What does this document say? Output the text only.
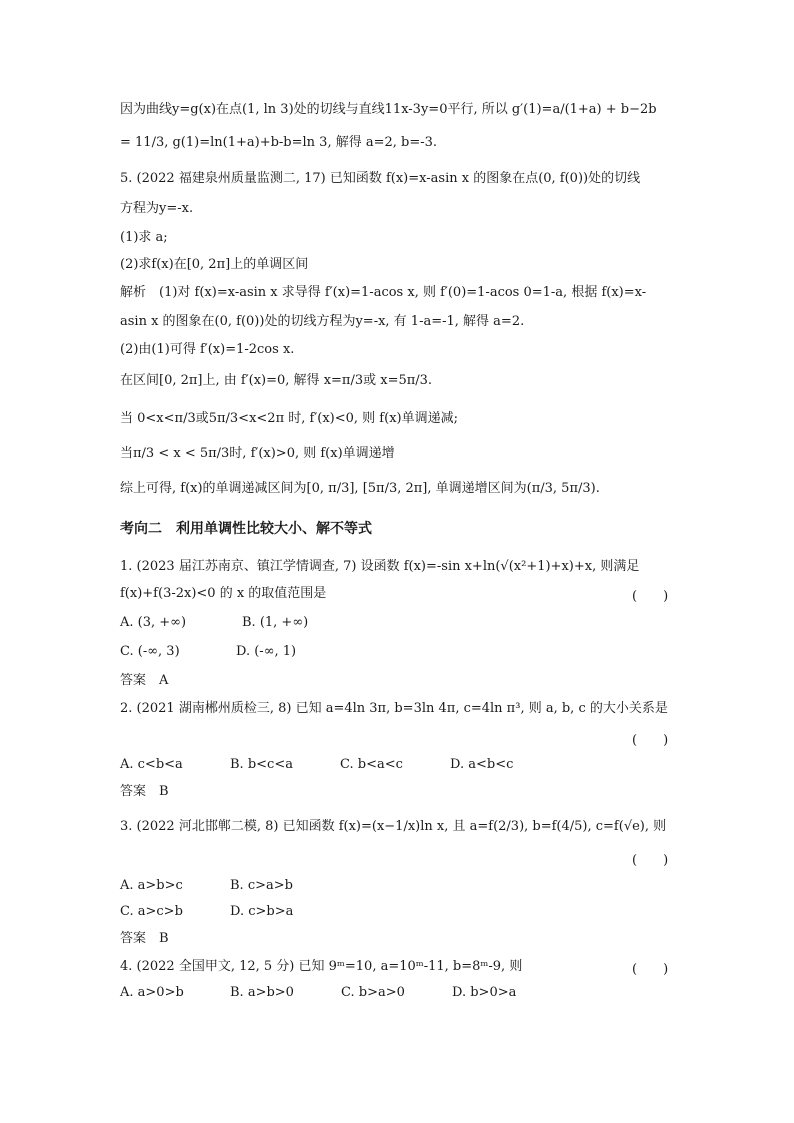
因为曲线y=g(x)在点(1, ln 3)处的切线与直线11x-3y=0平行, 所以 g′(1)=a/(1+a) + b−2b
= 11/3, g(1)=ln(1+a)+b-b=ln 3, 解得 a=2, b=-3.
5. (2022 福建泉州质量监测二, 17) 已知函数 f(x)=x-asin x 的图象在点(0, f(0))处的切线
方程为y=-x.
(1)求 a;
(2)求f(x)在[0, 2π]上的单调区间
解析　(1)对 f(x)=x-asin x 求导得 f′(x)=1-acos x, 则 f′(0)=1-acos 0=1-a, 根据 f(x)=x-
asin x 的图象在(0, f(0))处的切线方程为y=-x, 有 1-a=-1, 解得 a=2.
(2)由(1)可得 f′(x)=1-2cos x.
在区间[0, 2π]上, 由 f′(x)=0, 解得 x=π/3或 x=5π/3.
当 0<x<π/3或5π/3<x<2π 时, f′(x)<0, 则 f(x)单调递减;
当π/3 < x < 5π/3时, f′(x)>0, 则 f(x)单调递增
综上可得, f(x)的单调递减区间为[0, π/3], [5π/3, 2π], 单调递增区间为(π/3, 5π/3).
考向二　利用单调性比较大小、解不等式
1. (2023 届江苏南京、镇江学情调查, 7) 设函数 f(x)=-sin x+ln(√(x²+1)+x)+x, 则满足
f(x)+f(3-2x)<0 的 x 的取值范围是	(　　)
A. (3, +∞)	B. (1, +∞)
C. (-∞, 3)	D. (-∞, 1)
答案　A
2. (2021 湖南郴州质检三, 8) 已知 a=4ln 3π, b=3ln 4π, c=4ln π³, 则 a, b, c 的大小关系是
(　　)
A. c<b<a	B. b<c<a	C. b<a<c	D. a<b<c
答案　B
3. (2022 河北邯郸二模, 8) 已知函数 f(x)=(x−1/x)ln x, 且 a=f(2/3), b=f(4/5), c=f(√e), 则
(　　)
A. a>b>c	B. c>a>b
C. a>c>b	D. c>b>a
答案　B
4. (2022 全国甲文, 12, 5 分) 已知 9ᵐ=10, a=10ᵐ-11, b=8ᵐ-9, 则	(　　)
A. a>0>b	B. a>b>0	C. b>a>0	D. b>0>a
